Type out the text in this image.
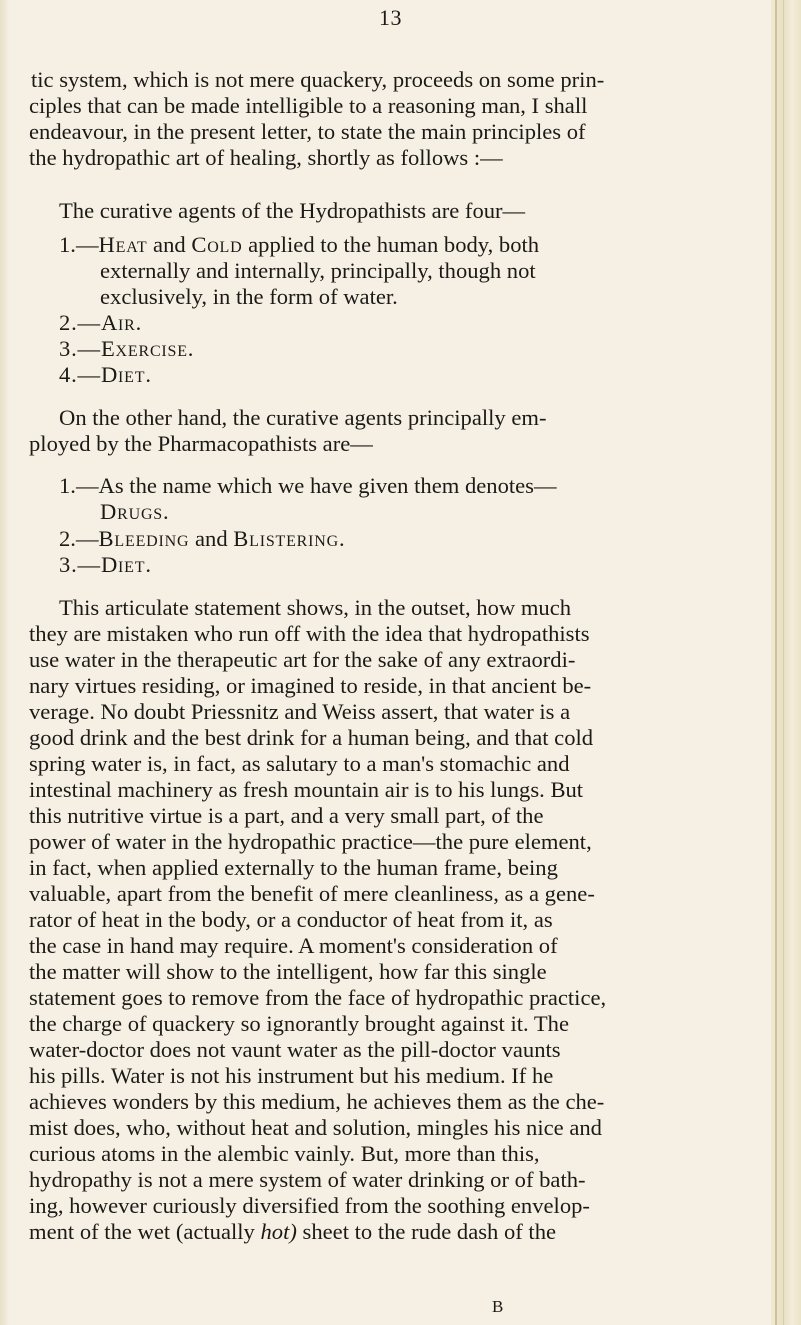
13
tic system, which is not mere quackery, proceeds on some prin-
ciples that can be made intelligible to a reasoning man, I shall
endeavour, in the present letter, to state the main principles of
the hydropathic art of healing, shortly as follows :—
The curative agents of the Hydropathists are four—
1.—Heat and Cold applied to the human body, both
externally and internally, principally, though not
exclusively, in the form of water.
2.—Air.
3.—Exercise.
4.—Diet.
On the other hand, the curative agents principally em-
ployed by the Pharmacopathists are—
1.—As the name which we have given them denotes—
Drugs.
2.—Bleeding and Blistering.
3.—Diet.
This articulate statement shows, in the outset, how much
they are mistaken who run off with the idea that hydropathists
use water in the therapeutic art for the sake of any extraordi-
nary virtues residing, or imagined to reside, in that ancient be-
verage. No doubt Priessnitz and Weiss assert, that water is a
good drink and the best drink for a human being, and that cold
spring water is, in fact, as salutary to a man's stomachic and
intestinal machinery as fresh mountain air is to his lungs. But
this nutritive virtue is a part, and a very small part, of the
power of water in the hydropathic practice—the pure element,
in fact, when applied externally to the human frame, being
valuable, apart from the benefit of mere cleanliness, as a gene-
rator of heat in the body, or a conductor of heat from it, as
the case in hand may require. A moment's consideration of
the matter will show to the intelligent, how far this single
statement goes to remove from the face of hydropathic practice,
the charge of quackery so ignorantly brought against it. The
water-doctor does not vaunt water as the pill-doctor vaunts
his pills. Water is not his instrument but his medium. If he
achieves wonders by this medium, he achieves them as the che-
mist does, who, without heat and solution, mingles his nice and
curious atoms in the alembic vainly. But, more than this,
hydropathy is not a mere system of water drinking or of bath-
ing, however curiously diversified from the soothing envelop-
ment of the wet (actually hot) sheet to the rude dash of the
B
